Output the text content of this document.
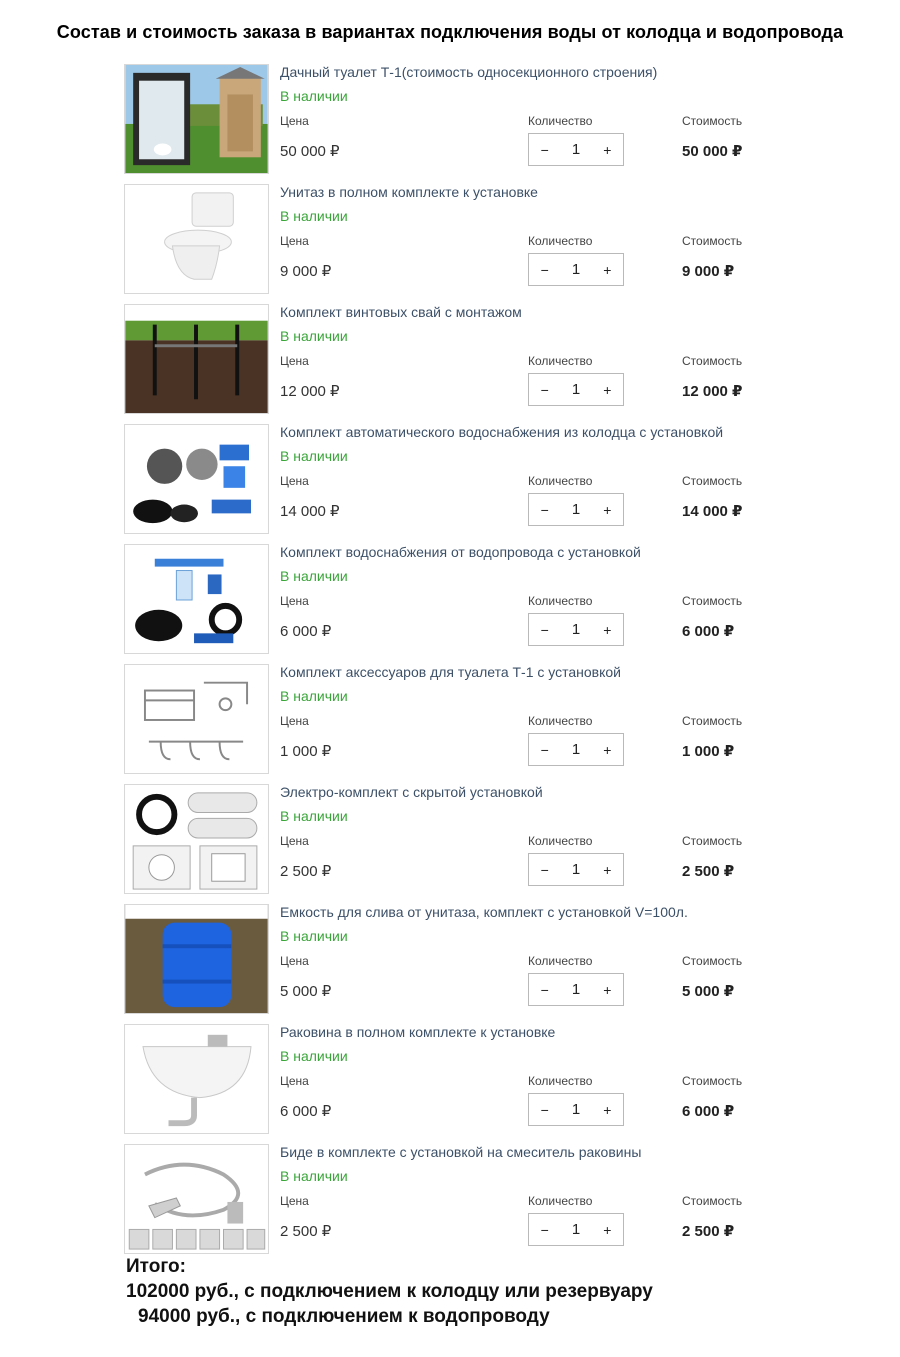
Состав и стоимость заказа в вариантах подключения воды от колодца и водопровода
Дачный туалет Т-1(стоимость односекционного строения)
В наличии
Цена	Количество	Стоимость
50 000 ₽	−	1	+	50 000 ₽
Унитаз в полном комплекте к установке
В наличии
Цена	Количество	Стоимость
9 000 ₽	−	1	+	9 000 ₽
Комплект винтовых свай с монтажом
В наличии
Цена	Количество	Стоимость
12 000 ₽	−	1	+	12 000 ₽
Комплект автоматического водоснабжения из колодца с установкой
В наличии
Цена	Количество	Стоимость
14 000 ₽	−	1	+	14 000 ₽
Комплект водоснабжения от водопровода с установкой
В наличии
Цена	Количество	Стоимость
6 000 ₽	−	1	+	6 000 ₽
Комплект аксессуаров для туалета Т-1 с установкой
В наличии
Цена	Количество	Стоимость
1 000 ₽	−	1	+	1 000 ₽
Электро-комплект с скрытой установкой
В наличии
Цена	Количество	Стоимость
2 500 ₽	−	1	+	2 500 ₽
Емкость для слива от унитаза, комплект с установкой V=100л.
В наличии
Цена	Количество	Стоимость
5 000 ₽	−	1	+	5 000 ₽
Раковина в полном комплекте к установке
В наличии
Цена	Количество	Стоимость
6 000 ₽	−	1	+	6 000 ₽
Биде в комплекте с установкой на смеситель раковины
В наличии
Цена	Количество	Стоимость
2 500 ₽	−	1	+	2 500 ₽
Итого:
102000 руб., с подключением к колодцу или резервуару
94000 руб., с подключением к водопроводу
